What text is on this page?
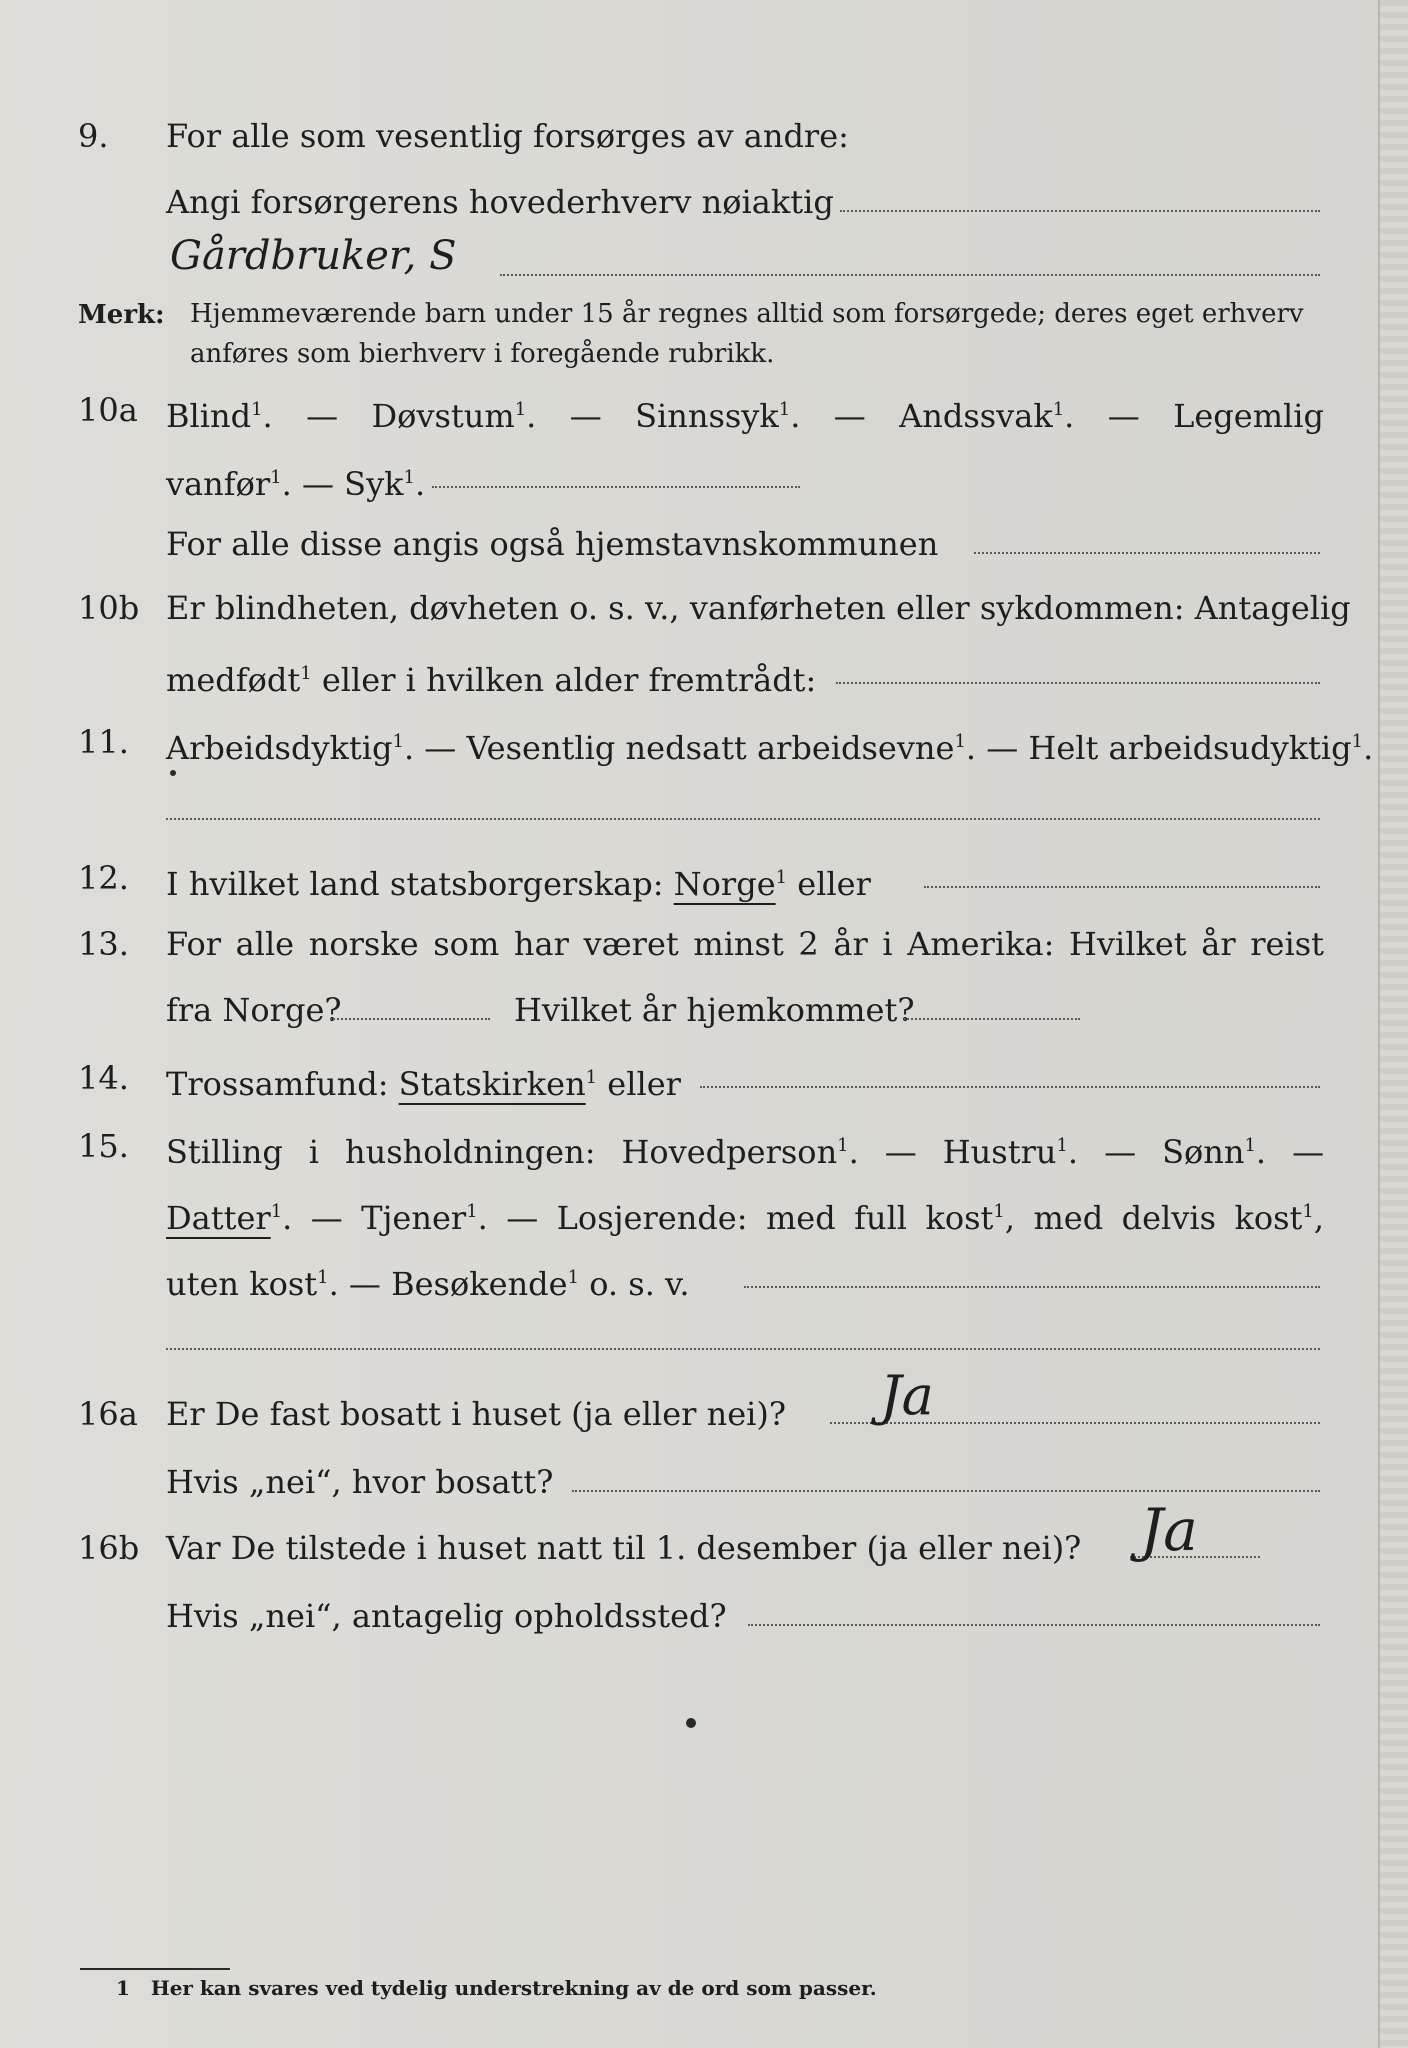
9. For alle som vesentlig forsørges av andre:
Angi forsørgerens hovederhverv nøiaktig
Gårdbruker, S
Merk: Hjemmeværende barn under 15 år regnes alltid som forsørgede; deres eget erhverv anføres som bierhverv i foregående rubrikk.
10a Blind$^1$. — Døvstum$^1$. — Sinnssyk$^1$. — Andssvak$^1$. — Legemlig
vanfør$^1$. — Syk$^1$.
For alle disse angis også hjemstavnskommunen
10b Er blindheten, døvheten o. s. v., vanførheten eller sykdommen: Antagelig
medfødt$^1$ eller i hvilken alder fremtrådt:
11. Arbeidsdyktig$^1$. — Vesentlig nedsatt arbeidsevne$^1$. — Helt arbeidsudyktig$^1$.
12. I hvilket land statsborgerskap: Norge$^1$ eller
13. For alle norske som har været minst 2 år i Amerika: Hvilket år reist
fra Norge?	Hvilket år hjemkommet?
14. Trossamfund: Statskirken$^1$ eller
15. Stilling i husholdningen: Hovedperson$^1$. — Hustru$^1$. — Sønn$^1$. —
Datter$^1$. — Tjener$^1$. — Losjerende: med full kost$^1$, med delvis kost$^1$,
uten kost$^1$. — Besøkende$^1$ o. s. v.
16a Er De fast bosatt i huset (ja eller nei)? Ja
Hvis „nei“, hvor bosatt?
16b Var De tilstede i huset natt til 1. desember (ja eller nei)? Ja
Hvis „nei“, antagelig opholdssted?
1 Her kan svares ved tydelig understrekning av de ord som passer.
